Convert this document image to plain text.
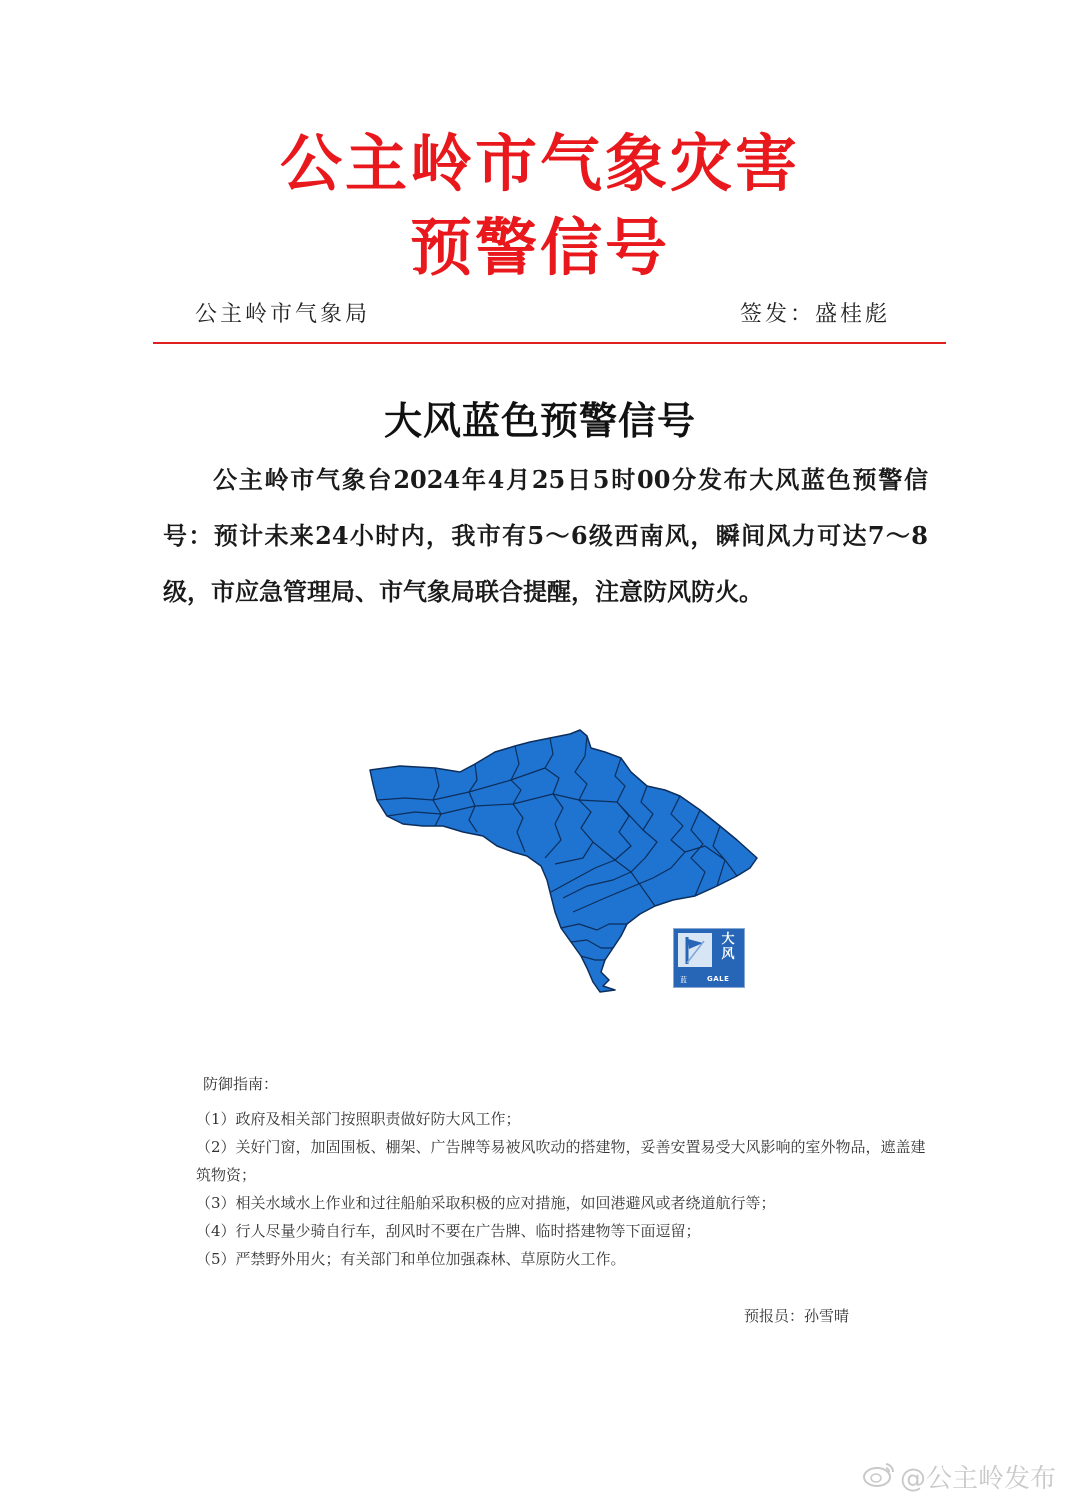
公主岭市气象灾害
预警信号
公主岭市气象局	签发：盛桂彪
大风蓝色预警信号
公主岭市气象台2024年4月25日5时00分发布大风蓝色预警信号：预计未来24小时内，我市有5～6级西南风，瞬间风力可达7～8级，市应急管理局、市气象局联合提醒，注意防风防火。
大
风
蓝	GALE
防御指南：
（1）政府及相关部门按照职责做好防大风工作；
（2）关好门窗，加固围板、棚架、广告牌等易被风吹动的搭建物，妥善安置易受大风影响的室外物品，遮盖建筑物资；
（3）相关水域水上作业和过往船舶采取积极的应对措施，如回港避风或者绕道航行等；
（4）行人尽量少骑自行车，刮风时不要在广告牌、临时搭建物等下面逗留；
（5）严禁野外用火；有关部门和单位加强森林、草原防火工作。
预报员：孙雪晴
@公主岭发布
